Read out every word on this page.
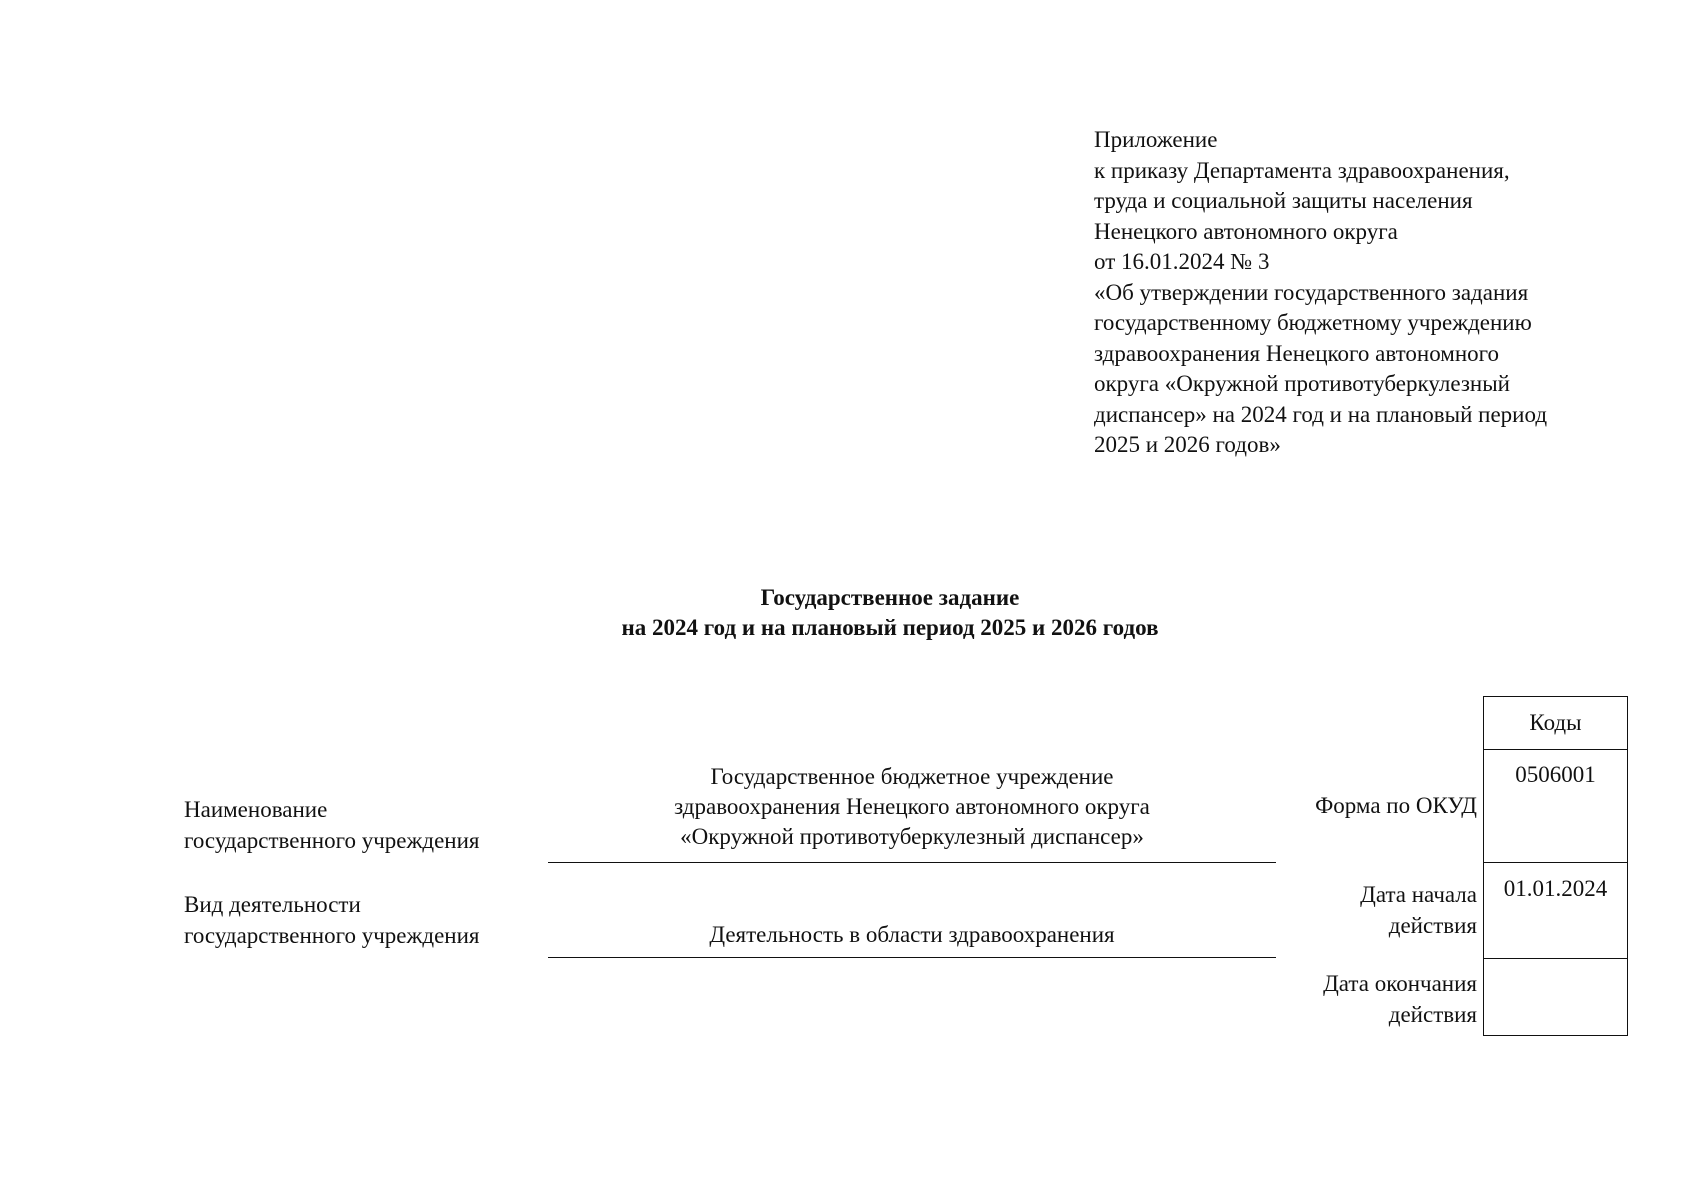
Приложение
к приказу Департамента здравоохранения,
труда и социальной защиты населения
Ненецкого автономного округа
от 16.01.2024 № 3
«Об утверждении государственного задания
государственному бюджетному учреждению
здравоохранения Ненецкого автономного
округа «Окружной противотуберкулезный
диспансер» на 2024 год и на плановый период
2025 и 2026 годов»
Государственное задание
на 2024 год и на плановый период 2025 и 2026 годов
Наименование
государственного учреждения
Государственное бюджетное учреждение
здравоохранения Ненецкого автономного округа
«Окружной противотуберкулезный диспансер»
Вид деятельности
государственного учреждения	Деятельность в области здравоохранения
Форма по ОКУД
Дата начала
действия
Дата окончания
действия
Коды
0506001
01.01.2024
